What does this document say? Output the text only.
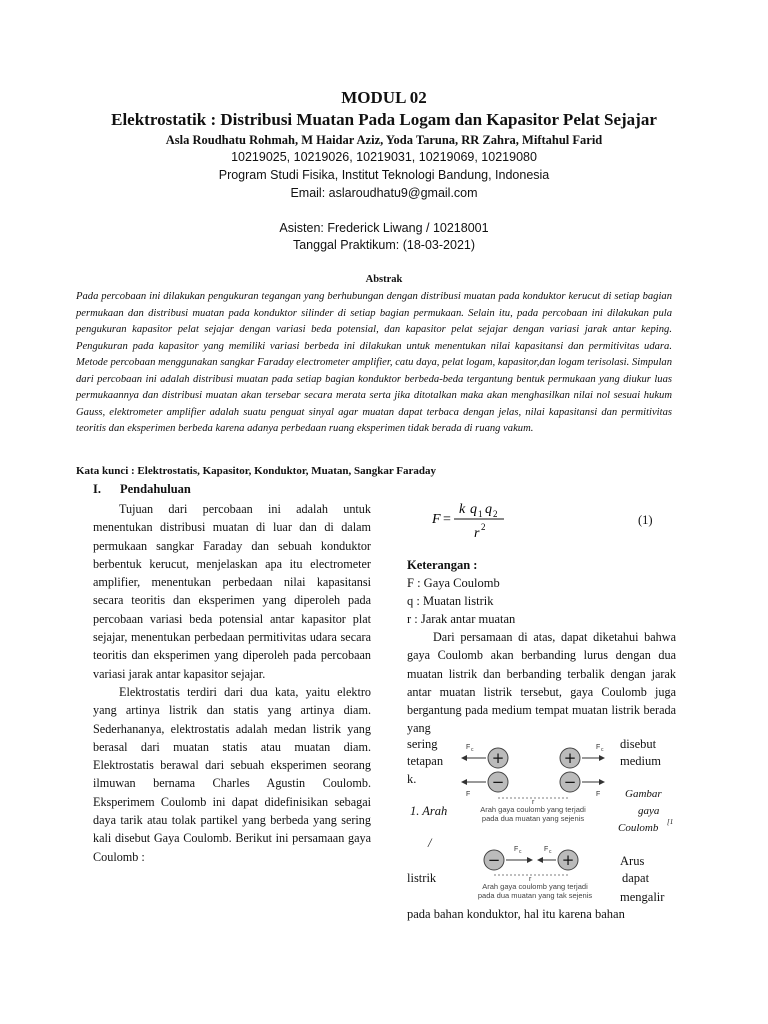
MODUL 02

Elektrostatik : Distribusi Muatan Pada Logam dan Kapasitor Pelat Sejajar

Asla Roudhatu Rohmah, M Haidar Aziz, Yoda Taruna, RR Zahra, Miftahul Farid

10219025, 10219026, 10219031, 10219069, 10219080

Program Studi Fisika, Institut Teknologi Bandung, Indonesia

Email: aslaroudhatu9@gmail.com

Asisten: Frederick Liwang / 10218001

Tanggal Praktikum: (18-03-2021)

Abstrak

Pada percobaan ini dilakukan pengukuran tegangan yang berhubungan dengan distribusi muatan pada konduktor kerucut di setiap bagian permukaan dan distribusi muatan pada konduktor silinder di setiap bagian permukaan. Selain itu, pada percobaan ini dilakukan pula pengukuran kapasitor pelat sejajar dengan variasi beda potensial, dan kapasitor pelat sejajar dengan variasi jarak antar keping. Pengukuran pada kapasitor yang memiliki variasi berbeda ini dilakukan untuk menentukan nilai kapasitansi dan permitivitas udara. Metode percobaan menggunakan sangkar Faraday electrometer amplifier, catu daya, pelat logam, kapasitor,dan logam terisolasi. Simpulan dari percobaan ini adalah distribusi muatan pada setiap bagian konduktor berbeda-beda tergantung bentuk permukaan yang diukur luas permukaannya dan distribusi muatan akan tersebar secara merata serta jika ditotalkan maka akan menghasilkan nilai nol sesuai hukum Gauss, elektrometer amplifier adalah suatu penguat sinyal agar muatan dapat terbaca dengan jelas, nilai kapasitansi dan permitivitas teoritis dan eksperimen berbeda karena adanya perbedaan ruang eksperimen tidak berada di ruang vakum.

Kata kunci : Elektrostatis, Kapasitor, Konduktor, Muatan, Sangkar Faraday

I. Pendahuluan

Tujuan dari percobaan ini adalah untuk menentukan distribusi muatan di luar dan di dalam permukaan sangkar Faraday dan sebuah konduktor berbentuk kerucut, menjelaskan apa itu electrometer amplifier, menentukan perbedaan nilai kapasitansi secara teoritis dan eksperimen yang diperoleh pada percobaan variasi beda potensial antar kapasitor plat sejajar, menentukan perbedaan permitivitas udara secara teoritis dan eksperimen yang diperoleh pada percobaan variasi jarak antar kapasitor sejajar.

Elektrostatis terdiri dari dua kata, yaitu elektro yang artinya listrik dan statis yang artinya diam. Sederhananya, elektrostatis adalah medan listrik yang berasal dari muatan statis atau muatan diam. Elektrostatis berawal dari sebuah eksperimen seorang ilmuwan bernama Charles Agustin Coulomb. Eksperimem Coulomb ini dapat didefinisikan sebagai daya tarik atau tolak partikel yang berbeda yang sering kali disebut Gaya Coulomb. Berikut ini persamaan gaya Coulomb :

F =
k q 1 q 2
r 2	(1)
Keterangan :
F : Gaya Coulomb
q : Muatan listrik
r : Jarak antar muatan

Dari persamaan di atas, dapat diketahui bahwa gaya Coulomb akan berbanding lurus dengan dua muatan listrik dan berbanding terbalik dengan jarak antar muatan listrik tersebut, gaya Coulomb juga bergantung pada medium tempat muatan listrik berada yang

sering	disebut
tetapan	medium
k.
1. Arah
/
listrik
Arus
dapat
mengalir
Gambar
gaya
Coulomb [1
pada bahan konduktor, hal itu karena bahan
F c	F c
+	+
−	−
F	F
r
Arah gaya coulomb yang terjadi
pada dua muatan yang sejenis
F c	F c
−	+
r
Arah gaya coulomb yang terjadi
pada dua muatan yang tak sejenis
